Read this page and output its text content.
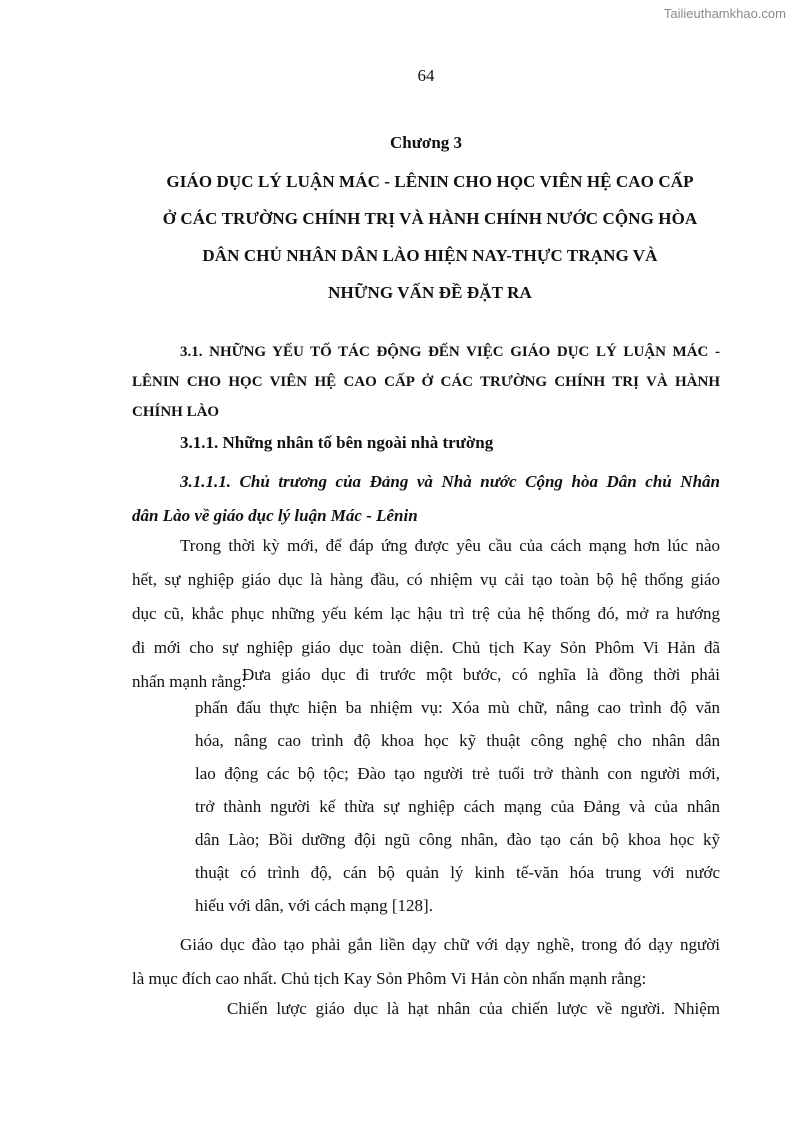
Tailieuthamkhao.com
64
Chương 3
GIÁO DỤC LÝ LUẬN MÁC - LÊNIN CHO HỌC VIÊN HỆ CAO CẤP
Ở CÁC TRƯỜNG CHÍNH TRỊ VÀ HÀNH CHÍNH NƯỚC CỘNG HÒA
DÂN CHỦ NHÂN DÂN LÀO HIỆN NAY-THỰC TRẠNG VÀ
NHỮNG VẤN ĐỀ ĐẶT RA
3.1. NHỮNG YẾU TỐ TÁC ĐỘNG ĐẾN VIỆC GIÁO DỤC LÝ LUẬN MÁC -
LÊNIN CHO HỌC VIÊN HỆ CAO CẤP Ở CÁC TRƯỜNG CHÍNH TRỊ VÀ HÀNH
CHÍNH LÀO
3.1.1. Những nhân tố bên ngoài nhà trường
3.1.1.1. Chủ trương của Đảng và Nhà nước Cộng hòa Dân chủ Nhân
dân Lào về giáo dục lý luận Mác - Lênin
Trong thời kỳ mới, để đáp ứng được yêu cầu của cách mạng hơn lúc nào
hết, sự nghiệp giáo dục là hàng đầu, có nhiệm vụ cải tạo toàn bộ hệ thống giáo
dục cũ, khắc phục những yếu kém lạc hậu trì trệ của hệ thống đó, mở ra hướng
đi mới cho sự nghiệp giáo dục toàn diện. Chủ tịch Kay Sỏn Phôm Vi Hản đã
nhấn mạnh rằng:
Đưa giáo dục đi trước một bước, có nghĩa là đồng thời phải
phấn đấu thực hiện ba nhiệm vụ: Xóa mù chữ, nâng cao trình độ văn
hóa, nâng cao trình độ khoa học kỹ thuật công nghệ cho nhân dân
lao động các bộ tộc; Đào tạo người trẻ tuổi trở thành con người mới,
trở thành người kế thừa sự nghiệp cách mạng của Đảng và của nhân
dân Lào; Bồi dưỡng đội ngũ công nhân, đào tạo cán bộ khoa học kỹ
thuật có trình độ, cán bộ quản lý kinh tế-văn hóa trung với nước
hiếu với dân, với cách mạng [128].
Giáo dục đào tạo phải gắn liền dạy chữ với dạy nghề, trong đó dạy người
là mục đích cao nhất. Chủ tịch Kay Sỏn Phôm Vi Hản còn nhấn mạnh rằng:
Chiến lược giáo dục là hạt nhân của chiến lược về người. Nhiệm
